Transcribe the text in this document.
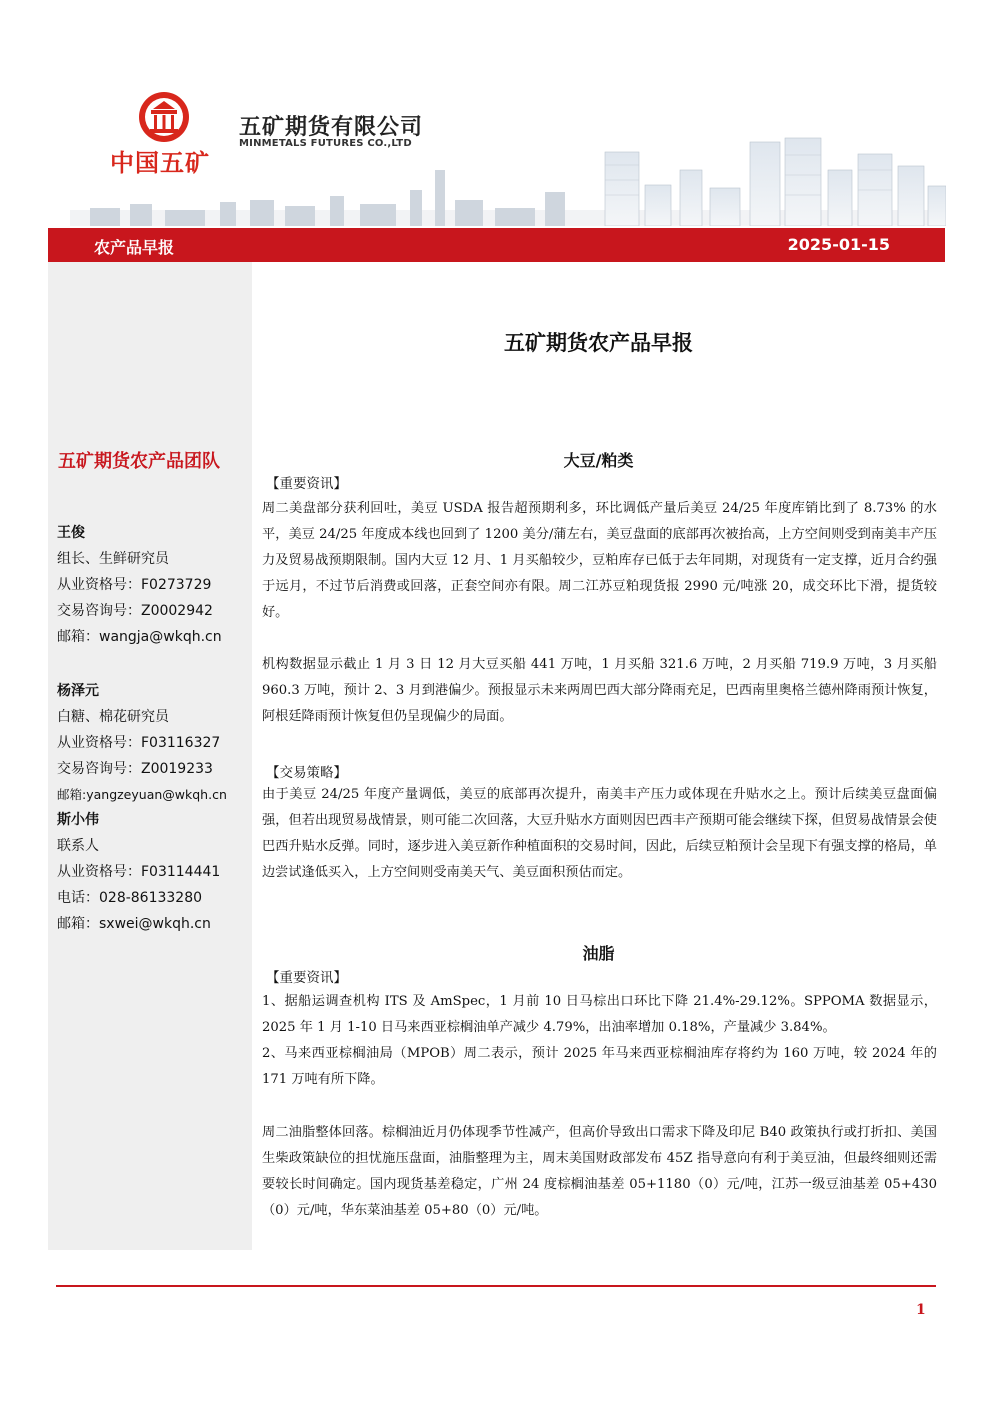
中国五矿
五矿期货有限公司
MINMETALS FUTURES CO.,LTD
农产品早报	2025-01-15
五矿期货农产品团队
王俊
组长、生鲜研究员
从业资格号：F0273729
交易咨询号：Z0002942
邮箱：wangja@wkqh.cn
杨泽元
白糖、棉花研究员
从业资格号：F03116327
交易咨询号：Z0019233
邮箱:yangzeyuan@wkqh.cn
斯小伟
联系人
从业资格号：F03114441
电话：028-86133280
邮箱：sxwei@wkqh.cn
五矿期货农产品早报
大豆/粕类
【重要资讯】
周二美盘部分获利回吐，美豆 USDA 报告超预期利多，环比调低产量后美豆 24/25 年度库销比到了 8.73% 的水平，美豆 24/25 年度成本线也回到了 1200 美分/蒲左右，美豆盘面的底部再次被抬高，上方空间则受到南美丰产压力及贸易战预期限制。国内大豆 12 月、1 月买船较少，豆粕库存已低于去年同期，对现货有一定支撑，近月合约强于远月，不过节后消费或回落，正套空间亦有限。周二江苏豆粕现货报 2990 元/吨涨 20，成交环比下滑，提货较好。
机构数据显示截止 1 月 3 日 12 月大豆买船 441 万吨，1 月买船 321.6 万吨，2 月买船 719.9 万吨，3 月买船 960.3 万吨，预计 2、3 月到港偏少。预报显示未来两周巴西大部分降雨充足，巴西南里奥格兰德州降雨预计恢复，阿根廷降雨预计恢复但仍呈现偏少的局面。
【交易策略】
由于美豆 24/25 年度产量调低，美豆的底部再次提升，南美丰产压力或体现在升贴水之上。预计后续美豆盘面偏强，但若出现贸易战情景，则可能二次回落，大豆升贴水方面则因巴西丰产预期可能会继续下探，但贸易战情景会使巴西升贴水反弹。同时，逐步进入美豆新作种植面积的交易时间，因此，后续豆粕预计会呈现下有强支撑的格局，单边尝试逢低买入，上方空间则受南美天气、美豆面积预估而定。
油脂
【重要资讯】
1、据船运调查机构 ITS 及 AmSpec，1 月前 10 日马棕出口环比下降 21.4%-29.12%。SPPOMA 数据显示，2025 年 1 月 1-10 日马来西亚棕榈油单产减少 4.79%，出油率增加 0.18%，产量减少 3.84%。
2、马来西亚棕榈油局（MPOB）周二表示，预计 2025 年马来西亚棕榈油库存将约为 160 万吨，较 2024 年的 171 万吨有所下降。
周二油脂整体回落。棕榈油近月仍体现季节性减产，但高价导致出口需求下降及印尼 B40 政策执行或打折扣、美国生柴政策缺位的担忧施压盘面，油脂整理为主，周末美国财政部发布 45Z 指导意向有利于美豆油，但最终细则还需要较长时间确定。国内现货基差稳定，广州 24 度棕榈油基差 05+1180（0）元/吨，江苏一级豆油基差 05+430（0）元/吨，华东菜油基差 05+80（0）元/吨。
1
